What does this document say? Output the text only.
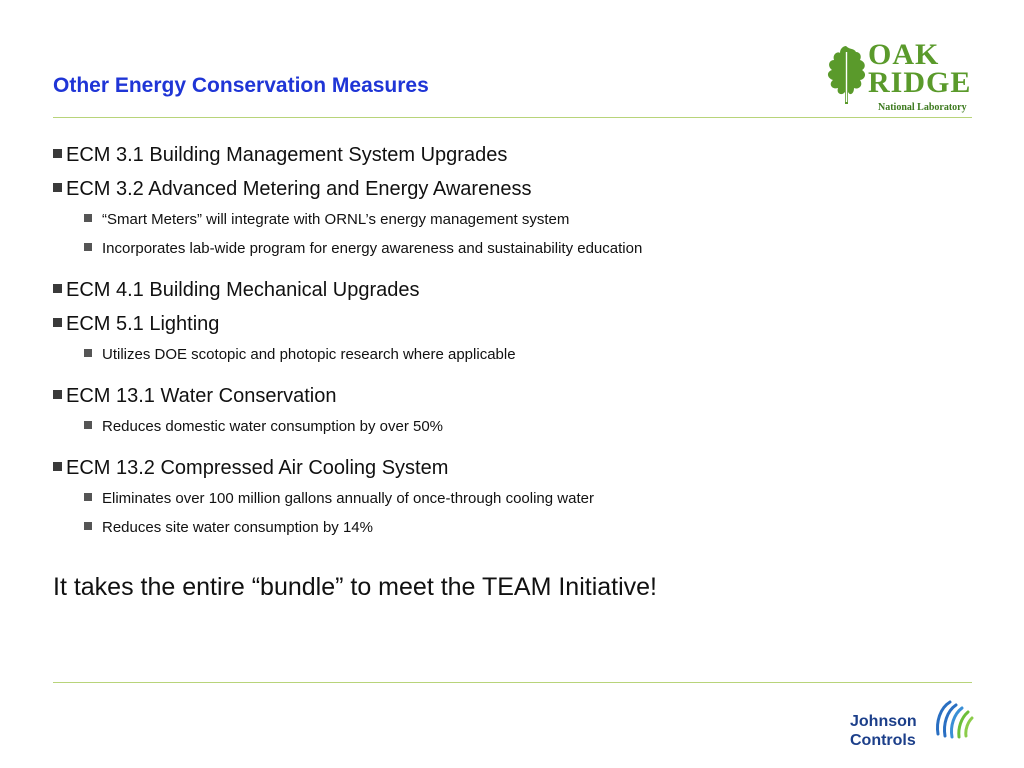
Other Energy Conservation Measures
OAK
RIDGE
National Laboratory
ECM 3.1 Building Management System Upgrades
ECM 3.2 Advanced Metering and Energy Awareness
“Smart Meters” will integrate with ORNL’s energy management system
Incorporates lab-wide program for energy awareness and sustainability education
ECM 4.1 Building Mechanical Upgrades
ECM 5.1 Lighting
Utilizes DOE scotopic and photopic research where applicable
ECM 13.1 Water Conservation
Reduces domestic water consumption by over 50%
ECM 13.2 Compressed Air Cooling System
Eliminates over 100 million gallons annually of once-through cooling water
Reduces site water consumption by 14%
It takes the entire “bundle” to meet the TEAM Initiative!
Johnson
Controls
